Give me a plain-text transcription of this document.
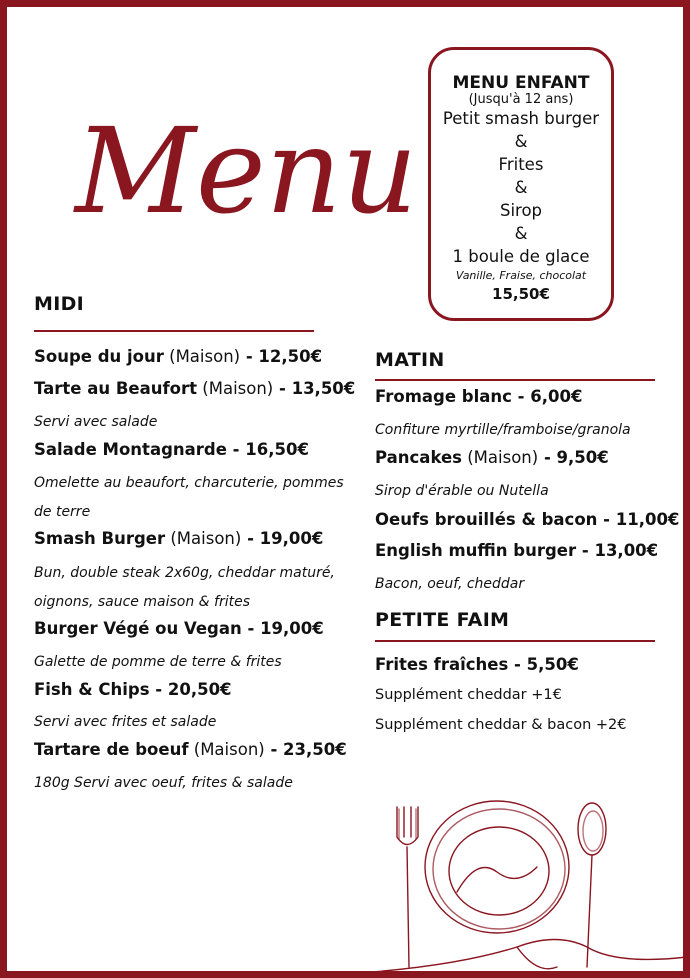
Menu
MENU ENFANT
(Jusqu'à 12 ans)
Petit smash burger
&
Frites
&
Sirop
&
1 boule de glace
Vanille, Fraise, chocolat
15,50€
MIDI
Soupe du jour (Maison) - 12,50€
Tarte au Beaufort (Maison) - 13,50€
Servi avec salade
Salade Montagnarde - 16,50€
Omelette au beaufort, charcuterie, pommes de terre
Smash Burger (Maison) - 19,00€
Bun, double steak 2x60g, cheddar maturé, oignons, sauce maison & frites
Burger Végé ou Vegan - 19,00€
Galette de pomme de terre & frites
Fish & Chips - 20,50€
Servi avec frites et salade
Tartare de boeuf (Maison) - 23,50€
180g Servi avec oeuf, frites & salade
MATIN
Fromage blanc - 6,00€
Confiture myrtille/framboise/granola
Pancakes (Maison) - 9,50€
Sirop d'érable ou Nutella
Oeufs brouillés & bacon - 11,00€
English muffin burger - 13,00€
Bacon, oeuf, cheddar
PETITE FAIM
Frites fraîches - 5,50€
Supplément cheddar +1€
Supplément cheddar & bacon +2€
